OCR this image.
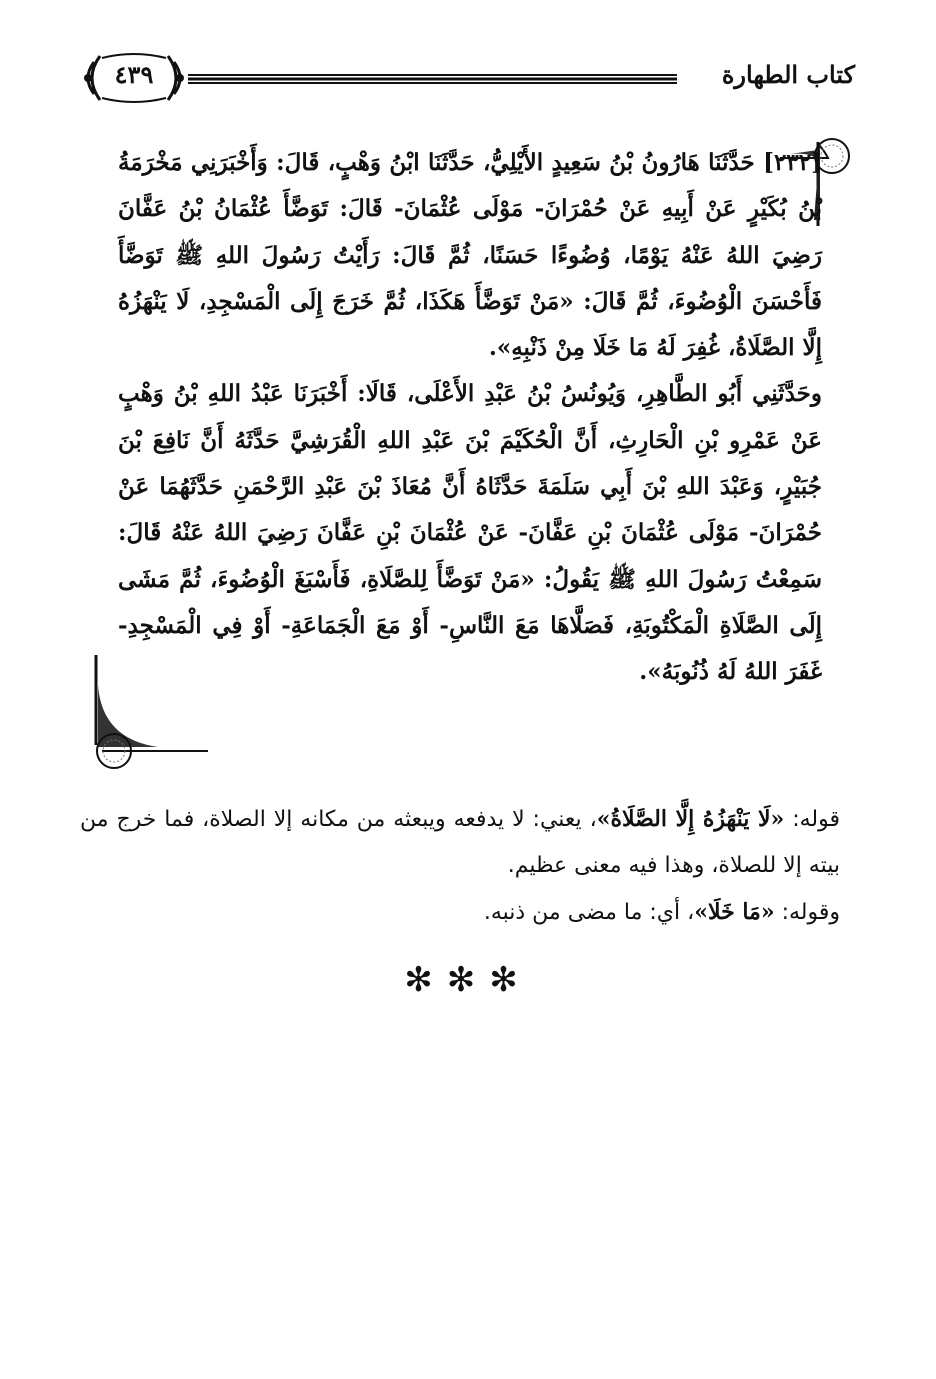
كتاب الطهارة
٤٣٩

[٢٣٢] حَدَّثَنَا هَارُونُ بْنُ سَعِيدٍ الأَيْلِيُّ، حَدَّثَنَا ابْنُ وَهْبٍ، قَالَ: وَأَخْبَرَنِي مَخْرَمَةُ بْنُ بُكَيْرٍ عَنْ أَبِيهِ عَنْ حُمْرَانَ- مَوْلَى عُثْمَانَ- قَالَ: تَوَضَّأَ عُثْمَانُ بْنُ عَفَّانَ رَضِيَ اللهُ عَنْهُ يَوْمًا، وُضُوءًا حَسَنًا، ثُمَّ قَالَ: رَأَيْتُ رَسُولَ اللهِ ﷺ تَوَضَّأَ فَأَحْسَنَ الْوُضُوءَ، ثُمَّ قَالَ: «مَنْ تَوَضَّأَ هَكَذَا، ثُمَّ خَرَجَ إِلَى الْمَسْجِدِ، لَا يَنْهَزُهُ إِلَّا الصَّلَاةُ، غُفِرَ لَهُ مَا خَلَا مِنْ ذَنْبِهِ».

وحَدَّثَنِي أَبُو الطَّاهِرِ، وَيُونُسُ بْنُ عَبْدِ الأَعْلَى، قَالَا: أَخْبَرَنَا عَبْدُ اللهِ بْنُ وَهْبٍ عَنْ عَمْرِو بْنِ الْحَارِثِ، أَنَّ الْحُكَيْمَ بْنَ عَبْدِ اللهِ الْقُرَشِيَّ حَدَّثَهُ أَنَّ نَافِعَ بْنَ جُبَيْرٍ، وَعَبْدَ اللهِ بْنَ أَبِي سَلَمَةَ حَدَّثَاهُ أَنَّ مُعَاذَ بْنَ عَبْدِ الرَّحْمَنِ حَدَّثَهُمَا عَنْ حُمْرَانَ- مَوْلَى عُثْمَانَ بْنِ عَفَّانَ- عَنْ عُثْمَانَ بْنِ عَفَّانَ رَضِيَ اللهُ عَنْهُ قَالَ: سَمِعْتُ رَسُولَ اللهِ ﷺ يَقُولُ: «مَنْ تَوَضَّأَ لِلصَّلَاةِ، فَأَسْبَغَ الْوُضُوءَ، ثُمَّ مَشَى إِلَى الصَّلَاةِ الْمَكْتُوبَةِ، فَصَلَّاهَا مَعَ النَّاسِ- أَوْ مَعَ الْجَمَاعَةِ- أَوْ فِي الْمَسْجِدِ- غَفَرَ اللهُ لَهُ ذُنُوبَهُ».

قوله: «لَا يَنْهَزُهُ إِلَّا الصَّلَاةُ»، يعني: لا يدفعه ويبعثه من مكانه إلا الصلاة، فما خرج من بيته إلا للصلاة، وهذا فيه معنى عظيم.

وقوله: «مَا خَلَا»، أي: ما مضى من ذنبه.

✻✻✻
